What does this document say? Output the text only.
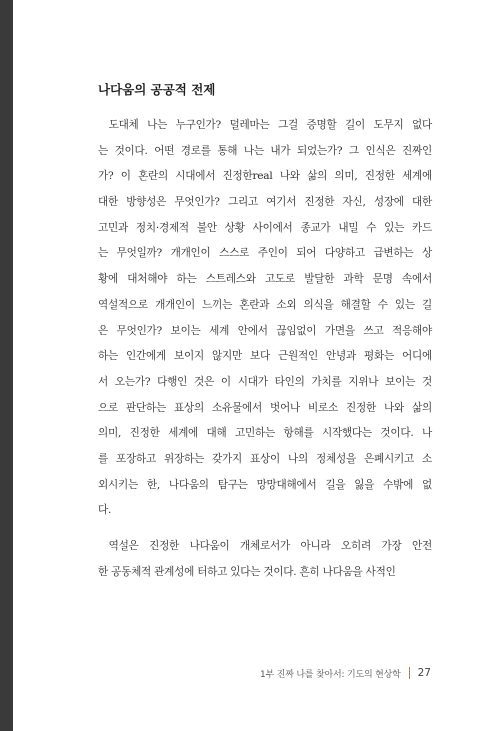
나다움의 공공적 전제

도대체 나는 누구인가? 덜레마는 그걸 증명할 길이 도무지 없다
는 것이다. 어떤 경로를 통해 나는 내가 되었는가? 그 인식은 진짜인
가? 이 혼란의 시대에서 진정한real 나와 삶의 의미, 진정한 세계에
대한 방향성은 무엇인가? 그리고 여기서 진정한 자신, 성장에 대한
고민과 정치·경제적 불안 상황 사이에서 종교가 내밀 수 있는 카드
는 무엇일까? 개개인이 스스로 주인이 되어 다양하고 급변하는 상
황에 대처해야 하는 스트레스와 고도로 발달한 과학 문명 속에서
역설적으로 개개인이 느끼는 혼란과 소외 의식을 해결할 수 있는 길
은 무엇인가? 보이는 세계 안에서 끊임없이 가면을 쓰고 적응해야
하는 인간에게 보이지 않지만 보다 근원적인 안녕과 평화는 어디에
서 오는가? 다행인 것은 이 시대가 타인의 가치를 지위나 보이는 것
으로 판단하는 표상의 소유물에서 벗어나 비로소 진정한 나와 삶의
의미, 진정한 세계에 대해 고민하는 항해를 시작했다는 것이다. 나
를 포장하고 위장하는 갖가지 표상이 나의 정체성을 은폐시키고 소
외시키는 한, 나다움의 탐구는 망망대해에서 길을 잃을 수밖에 없
다.

역설은 진정한 나다움이 개체로서가 아니라 오히려 가장 안전
한 공동체적 관계성에 터하고 있다는 것이다. 흔히 나다움을 사적인

1부 진짜 나를 찾아서: 기도의 현상학 27
